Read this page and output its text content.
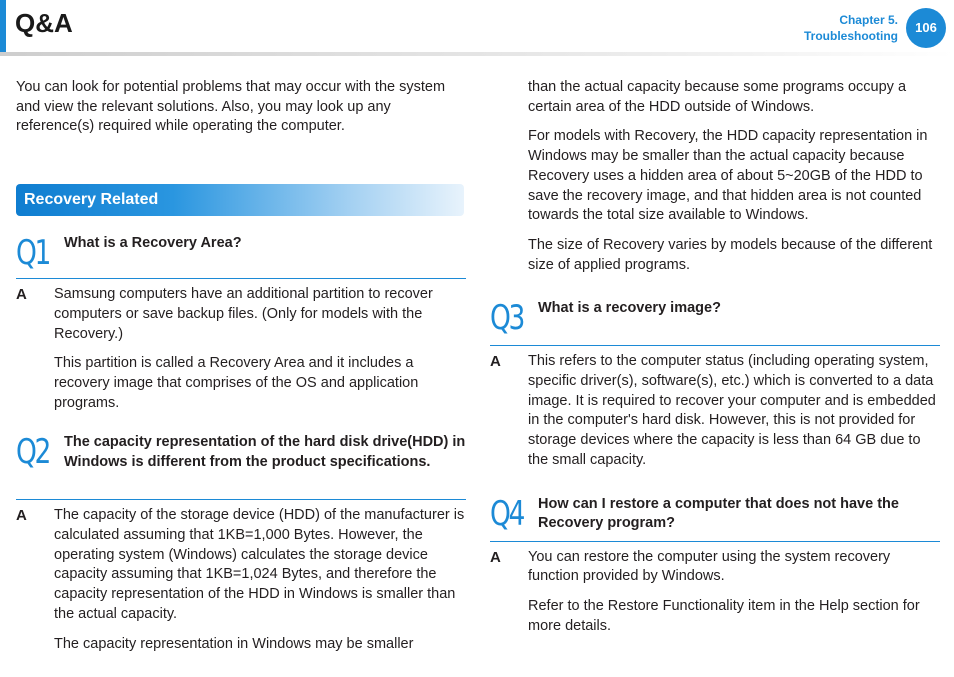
Q&A	Chapter 5.
Troubleshooting
106

You can look for potential problems that may occur with the system and view the relevant solutions. Also, you may look up any reference(s) required while operating the computer.

Recovery Related
Q1	What is a Recovery Area?
A	Samsung computers have an additional partition to recover computers or save backup files. (Only for models with the Recovery.)

This partition is called a Recovery Area and it includes a recovery image that comprises of the OS and application programs.

Q2	The capacity representation of the hard disk drive(HDD) in Windows is different from the product specifications.
A	The capacity of the storage device (HDD) of the manufacturer is calculated assuming that 1KB=1,000 Bytes. However, the operating system (Windows) calculates the storage device capacity assuming that 1KB=1,024 Bytes, and therefore the capacity representation of the HDD in Windows is smaller than the actual capacity.

The capacity representation in Windows may be smaller

than the actual capacity because some programs occupy a certain area of the HDD outside of Windows.

For models with Recovery, the HDD capacity representation in Windows may be smaller than the actual capacity because Recovery uses a hidden area of about 5~20GB of the HDD to save the recovery image, and that hidden area is not counted towards the total size available to Windows.

The size of Recovery varies by models because of the different size of applied programs.

Q3	What is a recovery image?
A	This refers to the computer status (including operating system, specific driver(s), software(s), etc.) which is converted to a data image. It is required to recover your computer and is embedded in the computer's hard disk. However, this is not provided for storage devices where the capacity is less than 64 GB due to the small capacity.

Q4	How can I restore a computer that does not have the Recovery program?
A	You can restore the computer using the system recovery function provided by Windows.

Refer to the Restore Functionality item in the Help section for more details.
